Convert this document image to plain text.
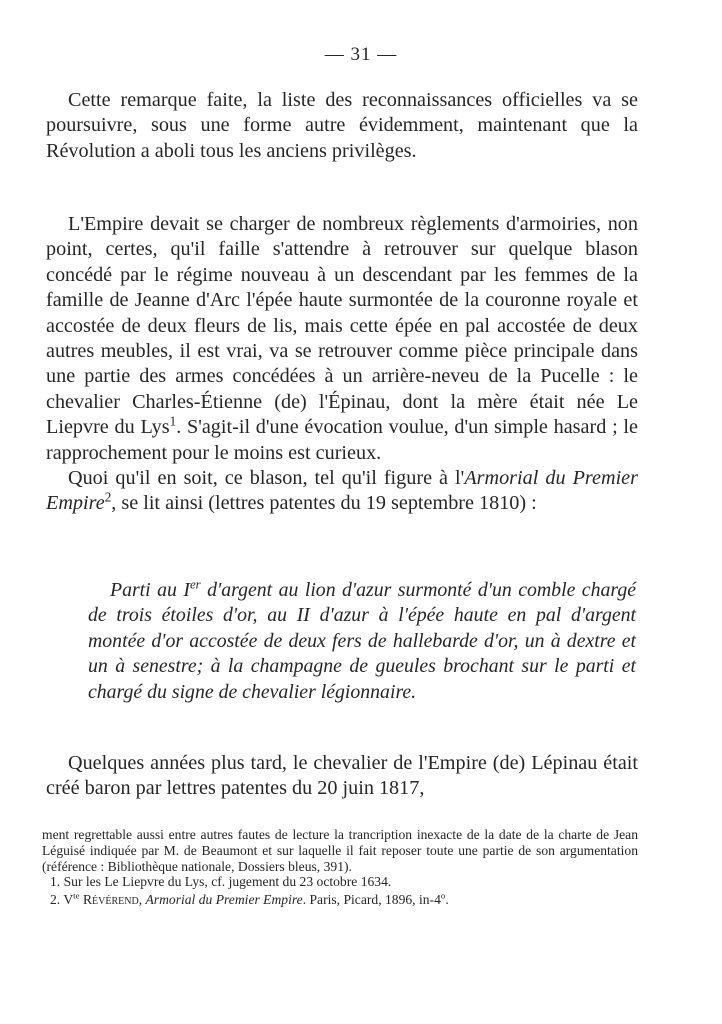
— 31 —

Cette remarque faite, la liste des reconnaissances officielles va se poursuivre, sous une forme autre évidemment, maintenant que la Révolution a aboli tous les anciens privilèges.

L'Empire devait se charger de nombreux règlements d'armoiries, non point, certes, qu'il faille s'attendre à retrouver sur quelque blason concédé par le régime nouveau à un descendant par les femmes de la famille de Jeanne d'Arc l'épée haute surmontée de la couronne royale et accostée de deux fleurs de lis, mais cette épée en pal accostée de deux autres meubles, il est vrai, va se retrouver comme pièce principale dans une partie des armes concédées à un arrière-neveu de la Pucelle : le chevalier Charles-Étienne (de) l'Épinau, dont la mère était née Le Liepvre du Lys$^1$. S'agit-il d'une évocation voulue, d'un simple hasard ; le rapprochement pour le moins est curieux.
Quoi qu'il en soit, ce blason, tel qu'il figure à l'Armorial du Premier Empire$^2$, se lit ainsi (lettres patentes du 19 septembre 1810) :

Parti au Ier d'argent au lion d'azur surmonté d'un comble chargé de trois étoiles d'or, au II d'azur à l'épée haute en pal d'argent montée d'or accostée de deux fers de hallebarde d'or, un à dextre et un à senestre; à la champagne de gueules brochant sur le parti et chargé du signe de chevalier légionnaire.

Quelques années plus tard, le chevalier de l'Empire (de) Lépinau était créé baron par lettres patentes du 20 juin 1817,

ment regrettable aussi entre autres fautes de lecture la trancription inexacte de la date de la charte de Jean Léguisé indiquée par M. de Beaumont et sur laquelle il fait reposer toute une partie de son argumentation (référence : Bibliothèque nationale, Dossiers bleus, 391).

1. Sur les Le Liepvre du Lys, cf. jugement du 23 octobre 1634.

2. $V^{te}$ Révérend, Armorial du Premier Empire. Paris, Picard, 1896, in-4$^o$.
